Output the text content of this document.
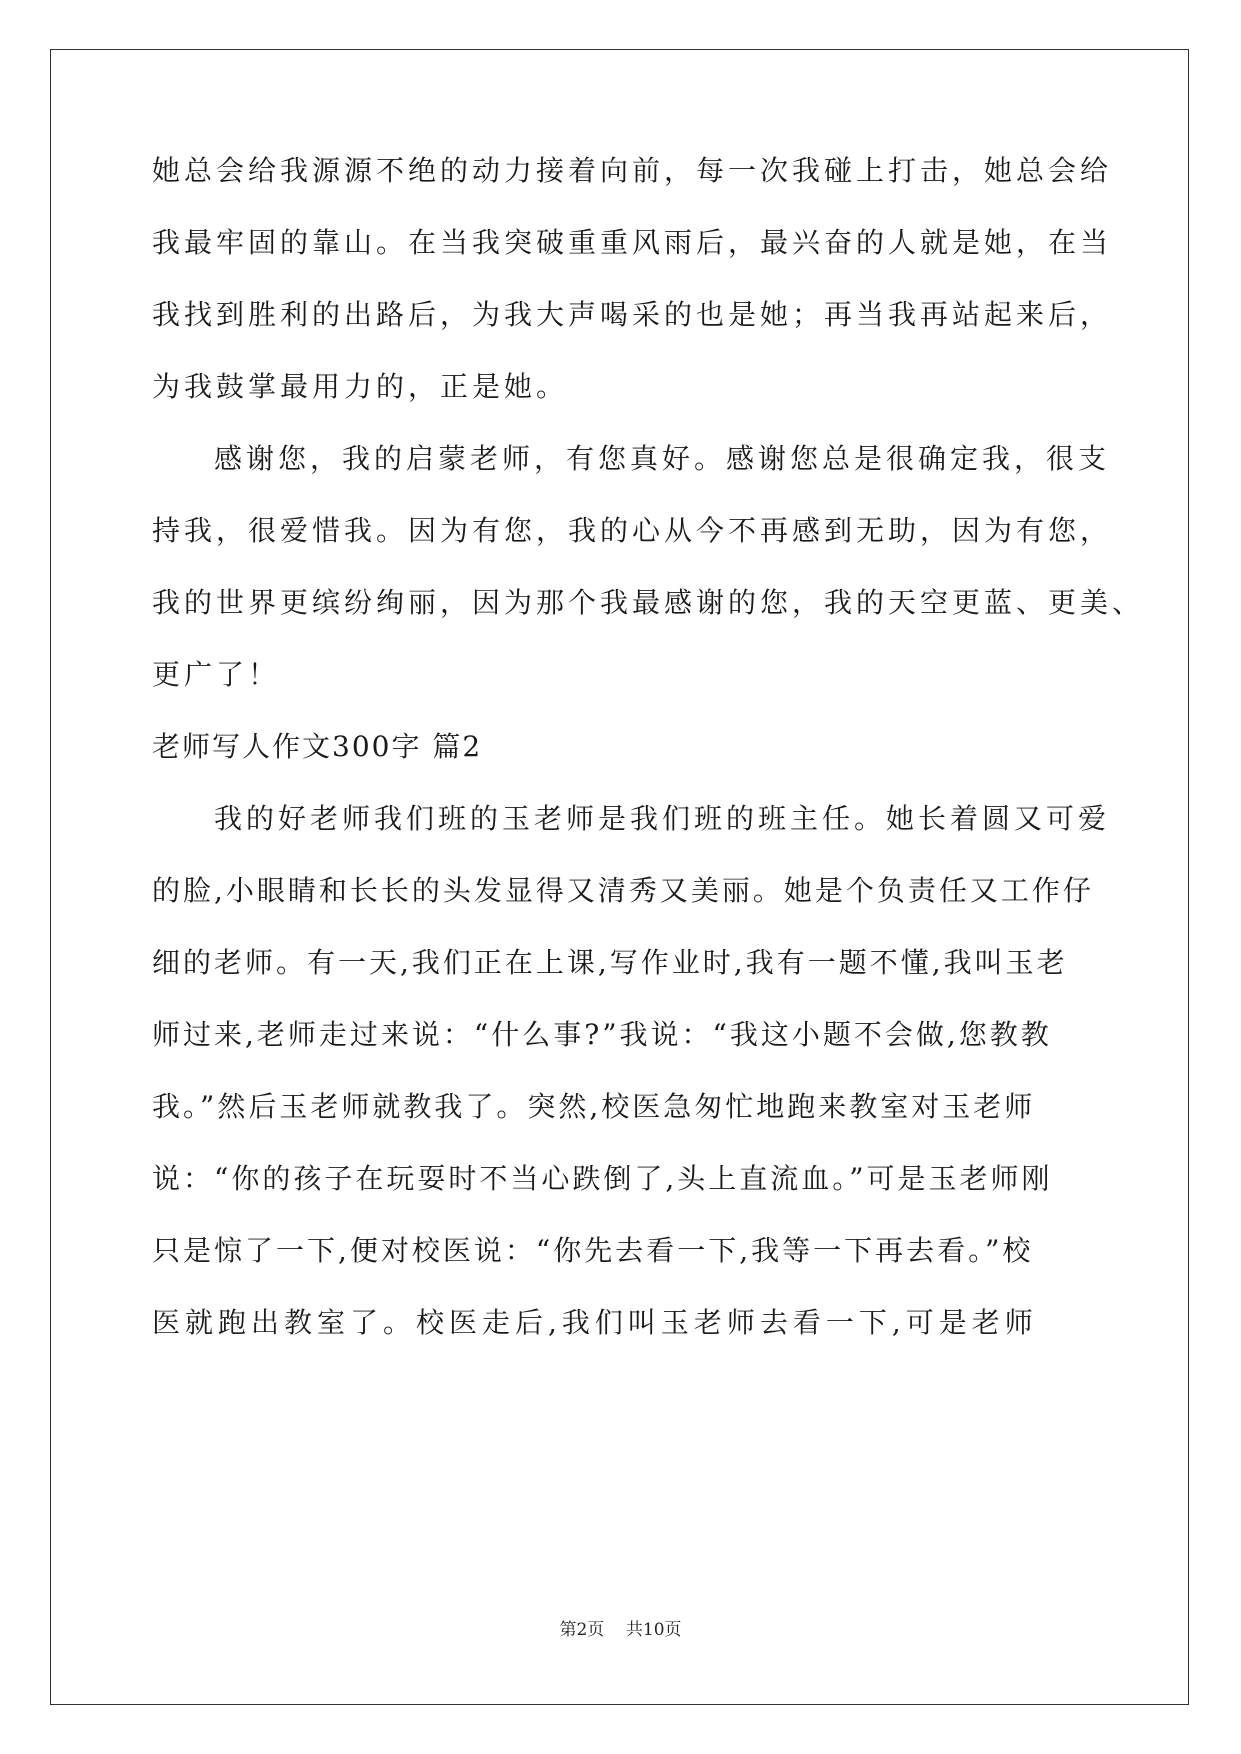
她总会给我源源不绝的动力接着向前，每一次我碰上打击，她总会给
我最牢固的靠山。在当我突破重重风雨后，最兴奋的人就是她，在当
我找到胜利的出路后，为我大声喝采的也是她；再当我再站起来后，
为我鼓掌最用力的，正是她。
感谢您，我的启蒙老师，有您真好。感谢您总是很确定我，很支
持我，很爱惜我。因为有您，我的心从今不再感到无助，因为有您，
我的世界更缤纷绚丽，因为那个我最感谢的您，我的天空更蓝、更美、
更广了！
老师写人作文300字 篇2
我的好老师我们班的玉老师是我们班的班主任。她长着圆又可爱
的脸,小眼睛和长长的头发显得又清秀又美丽。她是个负责任又工作仔
细的老师。有一天,我们正在上课,写作业时,我有一题不懂,我叫玉老
师过来,老师走过来说：“什么事?”我说：“我这小题不会做,您教教
我。”然后玉老师就教我了。突然,校医急匆忙地跑来教室对玉老师
说：“你的孩子在玩耍时不当心跌倒了,头上直流血。”可是玉老师刚
只是惊了一下,便对校医说：“你先去看一下,我等一下再去看。”校
医就跑出教室了。校医走后,我们叫玉老师去看一下,可是老师
第2页 共10页
